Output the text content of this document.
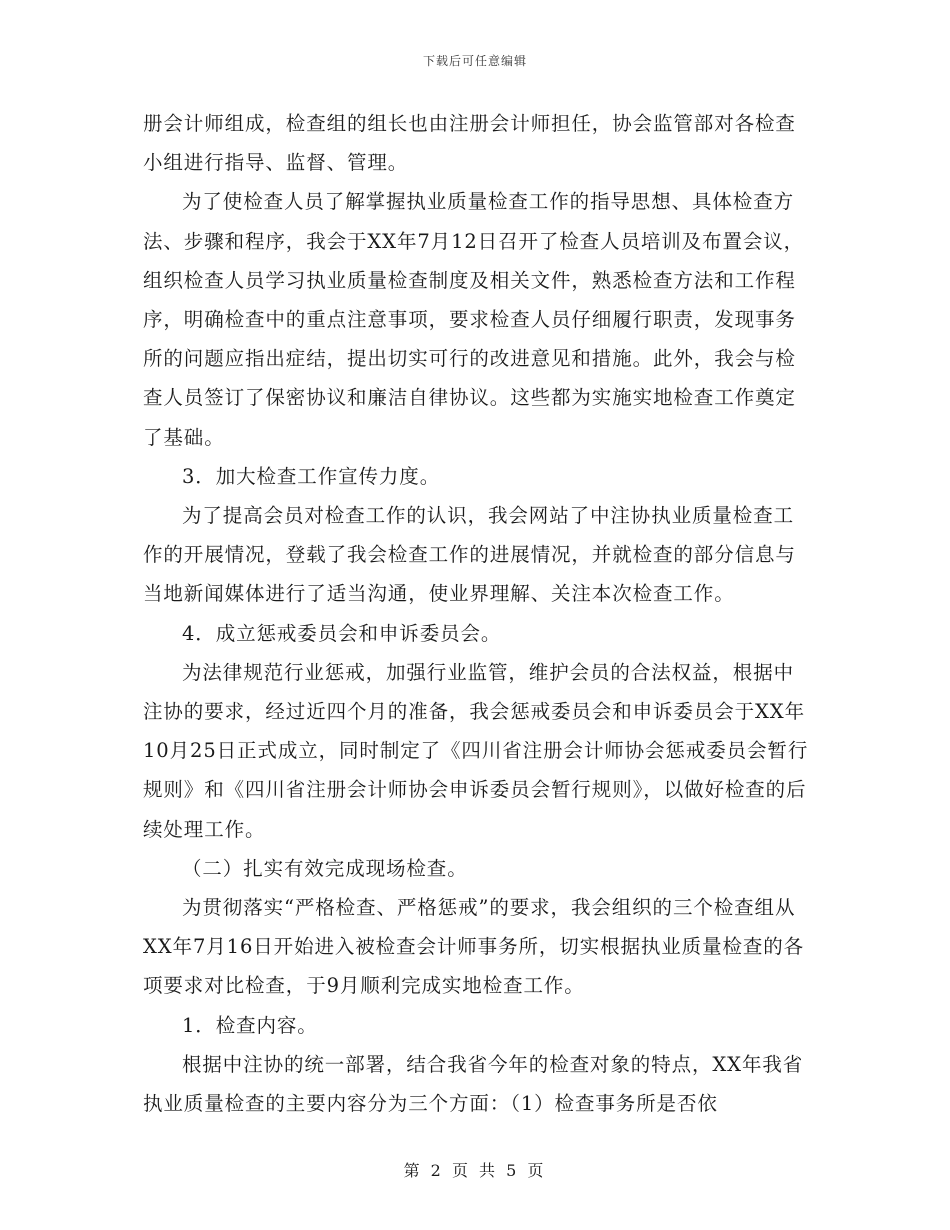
下载后可任意编辑

册会计师组成，检查组的组长也由注册会计师担任，协会监管部对各检查小组进行指导、监督、管理。

为了使检查人员了解掌握执业质量检查工作的指导思想、具体检查方法、步骤和程序，我会于XX年7月12日召开了检查人员培训及布置会议，组织检查人员学习执业质量检查制度及相关文件，熟悉检查方法和工作程序，明确检查中的重点注意事项，要求检查人员仔细履行职责，发现事务所的问题应指出症结，提出切实可行的改进意见和措施。此外，我会与检查人员签订了保密协议和廉洁自律协议。这些都为实施实地检查工作奠定了基础。

3．加大检查工作宣传力度。

为了提高会员对检查工作的认识，我会网站了中注协执业质量检查工作的开展情况，登载了我会检查工作的进展情况，并就检查的部分信息与当地新闻媒体进行了适当沟通，使业界理解、关注本次检查工作。

4．成立惩戒委员会和申诉委员会。

为法律规范行业惩戒，加强行业监管，维护会员的合法权益，根据中注协的要求，经过近四个月的准备，我会惩戒委员会和申诉委员会于XX年10月25日正式成立，同时制定了《四川省注册会计师协会惩戒委员会暂行规则》和《四川省注册会计师协会申诉委员会暂行规则》，以做好检查的后续处理工作。

（二）扎实有效完成现场检查。

为贯彻落实“严格检查、严格惩戒”的要求，我会组织的三个检查组从XX年7月16日开始进入被检查会计师事务所，切实根据执业质量检查的各项要求对比检查，于9月顺利完成实地检查工作。

1．检查内容。

根据中注协的统一部署，结合我省今年的检查对象的特点，XX年我省执业质量检查的主要内容分为三个方面：（1）检查事务所是否依

第 2 页 共 5 页
